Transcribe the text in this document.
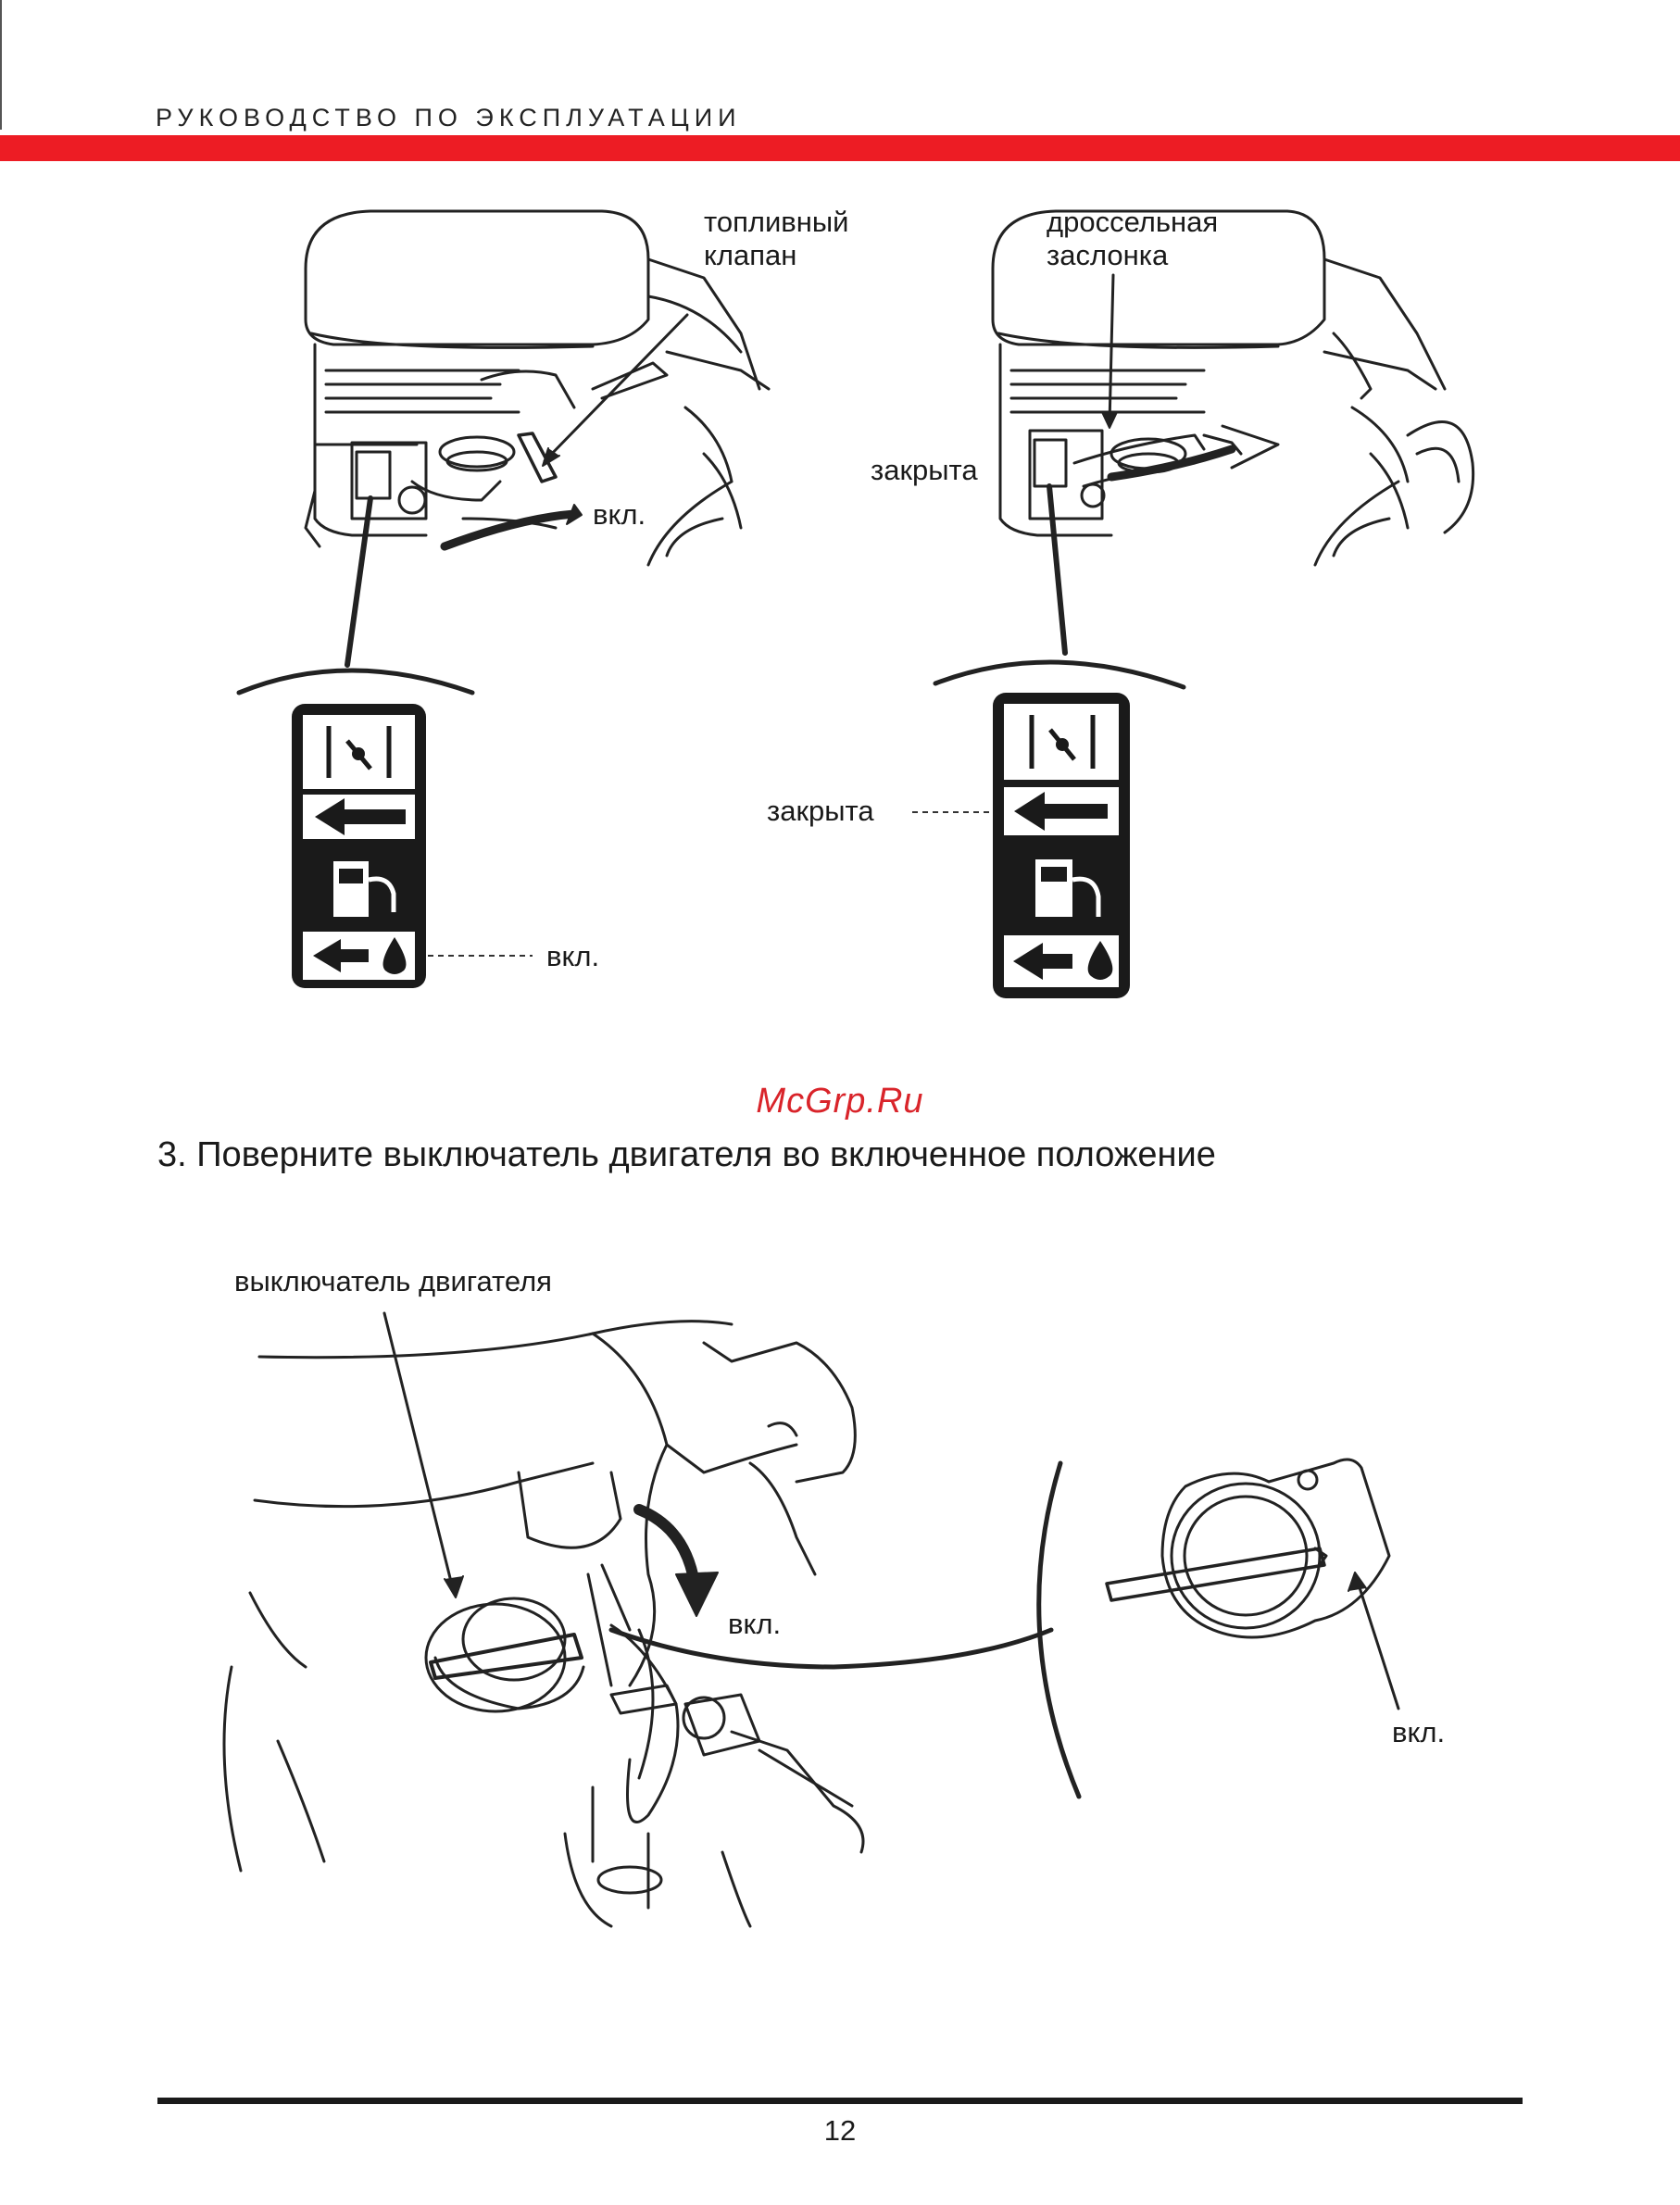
РУКОВОДСТВО ПО ЭКСПЛУАТАЦИИ
топливный клапан
вкл.
вкл.
дроссельная заслонка
закрыта
закрыта
McGrp.Ru
3. Поверните выключатель двигателя во включенное положение
выключатель двигателя
вкл.
вкл.
12
